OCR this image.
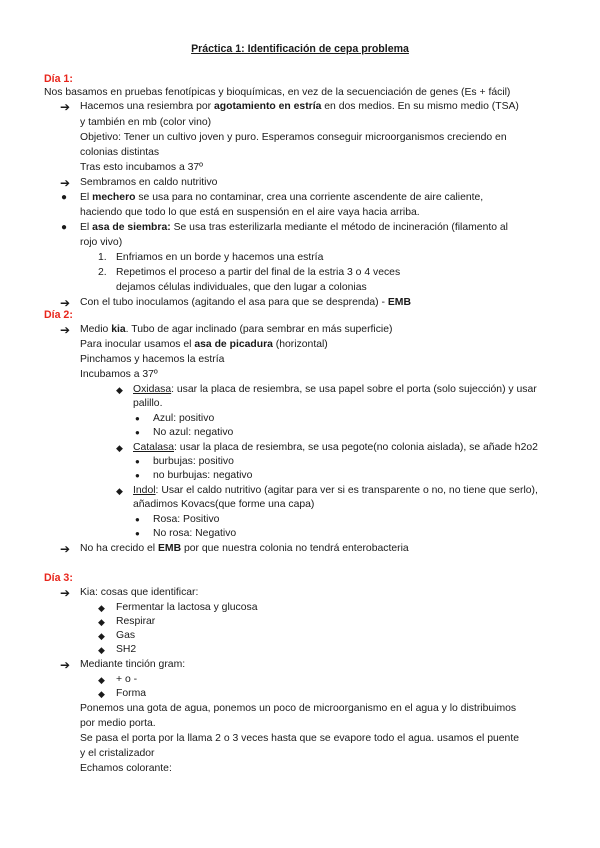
Práctica 1: Identificación de cepa problema
Día 1:
Nos basamos en pruebas fenotípicas y bioquímicas, en vez de la secuenciación de genes (Es + fácil)
➔ Hacemos una resiembra por agotamiento en estría en dos medios. En su mismo medio (TSA)
y también en mb (color vino)
Objetivo: Tener un cultivo joven y puro. Esperamos conseguir microorganismos creciendo en
colonias distintas
Tras esto incubamos a 37º
➔ Sembramos en caldo nutritivo
● El mechero se usa para no contaminar, crea una corriente ascendente de aire caliente,
haciendo que todo lo que está en suspensión en el aire vaya hacia arriba.
● El asa de siembra: Se usa tras esterilizarla mediante el método de incineración (filamento al
rojo vivo)
1. Enfriamos en un borde y hacemos una estría
2. Repetimos el proceso a partir del final de la estria 3 o 4 veces
dejamos células individuales, que den lugar a colonias
➔ Con el tubo inoculamos (agitando el asa para que se desprenda) - EMB
Día 2:
➔ Medio kia. Tubo de agar inclinado (para sembrar en más superficie)
Para inocular usamos el asa de picadura (horizontal)
Pinchamos y hacemos la estría
Incubamos a 37º
◆ Oxidasa: usar la placa de resiembra, se usa papel sobre el porta (solo sujección) y usar
palillo.
● Azul: positivo
● No azul: negativo
◆ Catalasa: usar la placa de resiembra, se usa pegote(no colonia aislada), se añade h2o2
● burbujas: positivo
● no burbujas: negativo
◆ Indol: Usar el caldo nutritivo (agitar para ver si es transparente o no, no tiene que serlo),
añadimos Kovacs(que forme una capa)
● Rosa: Positivo
● No rosa: Negativo
➔ No ha crecido el EMB por que nuestra colonia no tendrá enterobacteria
Día 3:
➔ Kia: cosas que identificar:
◆ Fermentar la lactosa y glucosa
◆ Respirar
◆ Gas
◆ SH2
➔ Mediante tinción gram:
◆ + o -
◆ Forma
Ponemos una gota de agua, ponemos un poco de microorganismo en el agua y lo distribuimos
por medio porta.
Se pasa el porta por la llama 2 o 3 veces hasta que se evapore todo el agua. usamos el puente
y el cristalizador
Echamos colorante:
